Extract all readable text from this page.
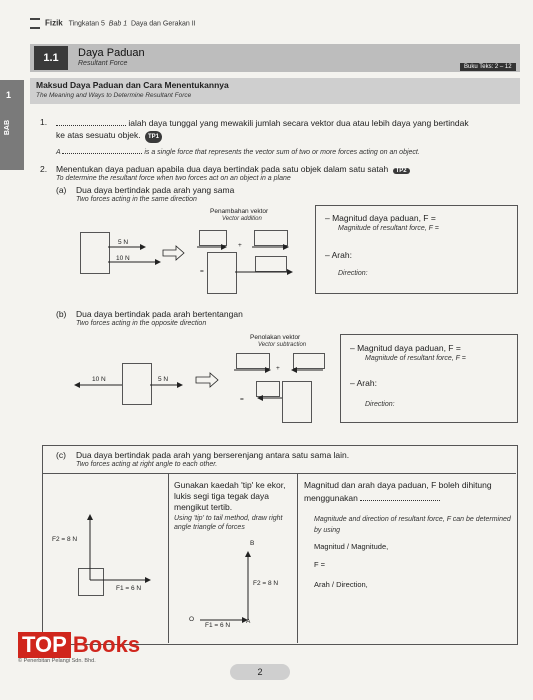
Fizik Tingkatan 5 Bab 1 Daya dan Gerakan II
1.1	Daya Paduan
Resultant Force	Buku Teks: 2 – 12
1
BAB
Maksud Daya Paduan dan Cara Menentukannya
The Meaning and Ways to Determine Resultant Force
1.	ialah daya tunggal yang mewakili jumlah secara vektor dua atau lebih daya yang bertindak
ke atas sesuatu objek. TP1
A	is a single force that represents the vector sum of two or more forces acting on an object.
2. Menentukan daya paduan apabila dua daya bertindak pada satu objek dalam satu satah TP2
To determine the resultant force when two forces act on an object in a plane
(a) Dua daya bertindak pada arah yang sama
Two forces acting in the same direction
Penambahan vektor
Vector addition
5 N
10 N
+
=
– Magnitud daya paduan, F =
Magnitude of resultant force, F =
– Arah:
Direction:
(b) Dua daya bertindak pada arah bertentangan
Two forces acting in the opposite direction
Penolakan vektor
Vector subtraction
10 N	5 N
+
=
– Magnitud daya paduan, F =
Magnitude of resultant force, F =
– Arah:
Direction:
(c) Dua daya bertindak pada arah yang berserenjang antara satu sama lain.
Two forces acting at right angle to each other.
F2 = 8 N
F1 = 6 N
Gunakan kaedah 'tip' ke ekor, lukis segi tiga tegak daya mengikut tertib.
Using 'tip' to tail method, draw right angle triangle of forces
B
O	A
F2 = 8 N
F1 = 6 N
Magnitud dan arah daya paduan, F boleh dihitung menggunakan
Magnitude and direction of resultant force, F can be determined by using
Magnitud / Magnitude,
F =
Arah / Direction,
2
TOP Books
© Penerbitan Pelangi Sdn. Bhd.
